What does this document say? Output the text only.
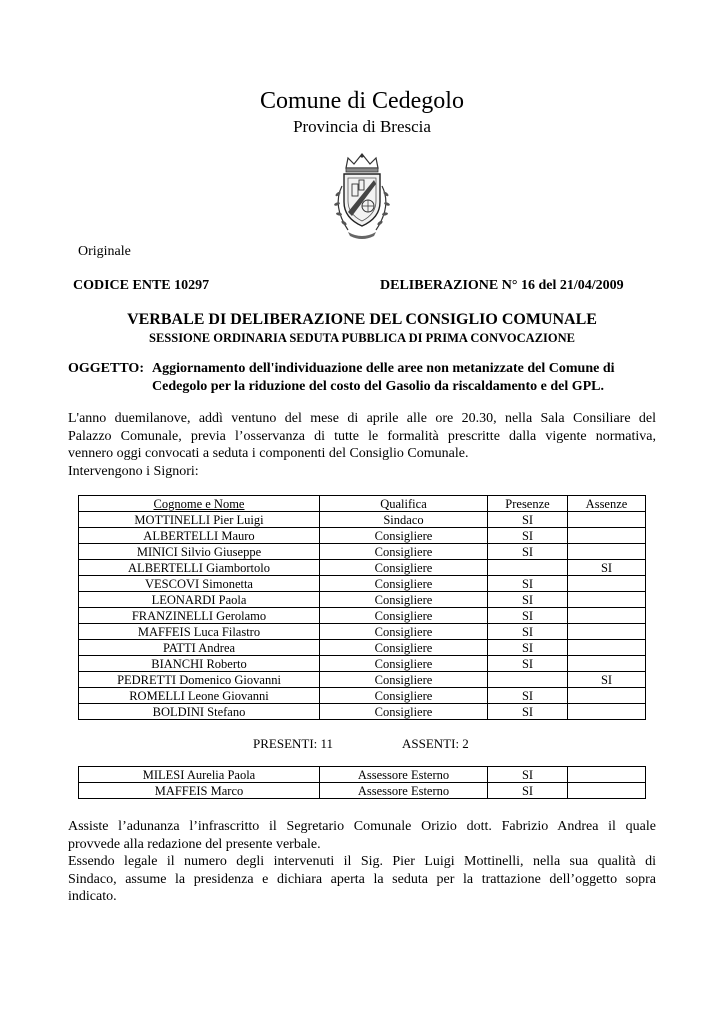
Comune di Cedegolo
Provincia di Brescia
Originale
CODICE ENTE 10297	DELIBERAZIONE N° 16 del 21/04/2009
VERBALE DI DELIBERAZIONE DEL CONSIGLIO COMUNALE
SESSIONE ORDINARIA SEDUTA PUBBLICA DI PRIMA CONVOCAZIONE
OGGETTO: Aggiornamento dell'individuazione delle aree non metanizzate del Comune di
Cedegolo per la riduzione del costo del Gasolio da riscaldamento e del GPL.
L'anno duemilanove, addì ventuno del mese di aprile alle ore 20.30, nella Sala Consiliare del
Palazzo Comunale, previa l’osservanza di tutte le formalità prescritte dalla vigente normativa,
vennero oggi convocati a seduta i componenti del Consiglio Comunale.
Intervengono i Signori:
Cognome e Nome	Qualifica	Presenze	Assenze
MOTTINELLI Pier Luigi	Sindaco	SI	
ALBERTELLI Mauro	Consigliere	SI	
MINICI Silvio Giuseppe	Consigliere	SI	
ALBERTELLI Giambortolo	Consigliere		SI
VESCOVI Simonetta	Consigliere	SI	
LEONARDI Paola	Consigliere	SI	
FRANZINELLI Gerolamo	Consigliere	SI	
MAFFEIS Luca Filastro	Consigliere	SI	
PATTI Andrea	Consigliere	SI	
BIANCHI Roberto	Consigliere	SI	
PEDRETTI Domenico Giovanni	Consigliere		SI
ROMELLI Leone Giovanni	Consigliere	SI	
BOLDINI Stefano	Consigliere	SI	
PRESENTI: 11	ASSENTI: 2
MILESI Aurelia Paola	Assessore Esterno	SI	
MAFFEIS Marco	Assessore Esterno	SI	
Assiste l’adunanza l’infrascritto il Segretario Comunale Orizio dott. Fabrizio Andrea il quale
provvede alla redazione del presente verbale.
Essendo legale il numero degli intervenuti il Sig. Pier Luigi Mottinelli, nella sua qualità di
Sindaco, assume la presidenza e dichiara aperta la seduta per la trattazione dell’oggetto sopra
indicato.
